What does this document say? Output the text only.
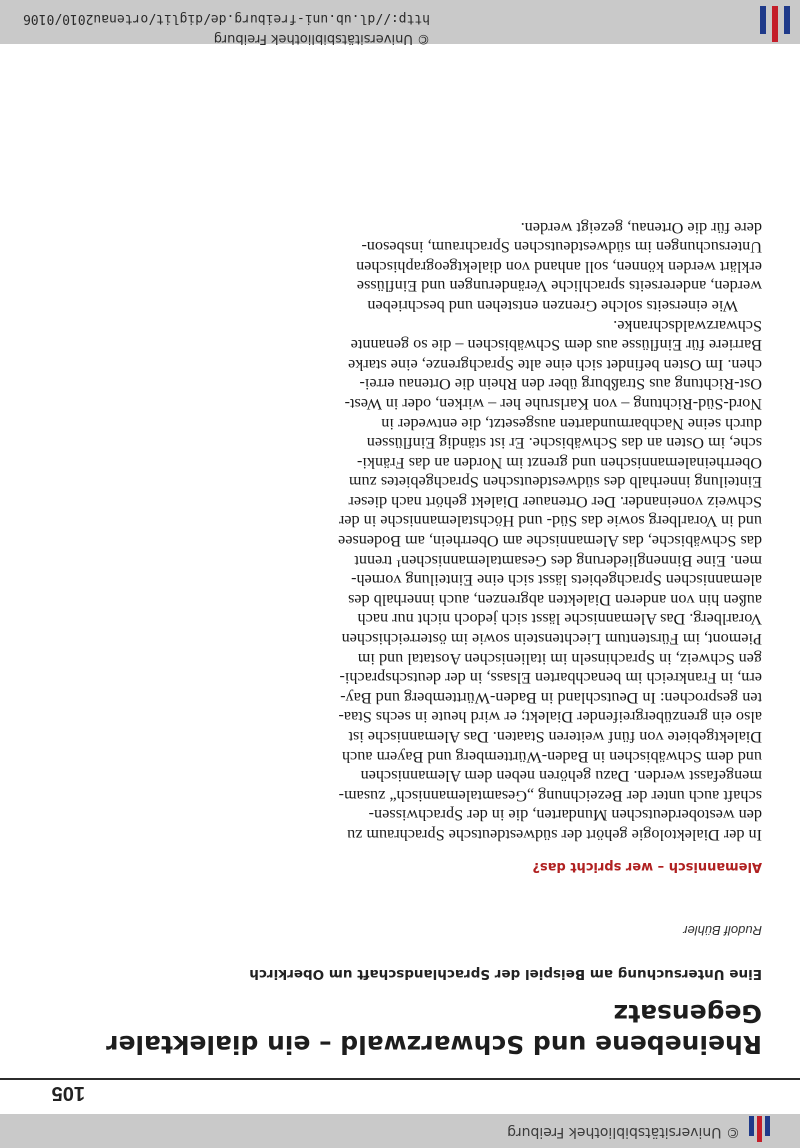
© Universitätsbibliothek Freiburg
105
Rheinebene und Schwarzwald – ein dialektaler Gegensatz
Eine Untersuchung am Beispiel der Sprachlandschaft um Oberkirch
Rudolf Bühler
Alemannisch – wer spricht das?
In der Dialektologie gehört der südwestdeutsche Sprachraum zu
den westoberdeutschen Mundarten, die in der Sprachwissen-
schaft auch unter der Bezeichnung „Gesamtalemannisch“ zusam-
mengefasst werden. Dazu gehören neben dem Alemannischen
und dem Schwäbischen in Baden-Württemberg und Bayern auch
Dialektgebiete von fünf weiteren Staaten. Das Alemannische ist
also ein grenzübergreifender Dialekt; er wird heute in sechs Staa-
ten gesprochen: In Deutschland in Baden-Württemberg und Bay-
ern, in Frankreich im benachbarten Elsass, in der deutschsprachi-
gen Schweiz, in Sprachinseln im italienischen Aostatal und im
Piemont, im Fürstentum Liechtenstein sowie im österreichischen
Vorarlberg. Das Alemannische lässt sich jedoch nicht nur nach
außen hin von anderen Dialekten abgrenzen, auch innerhalb des
alemannischen Sprachgebiets lässt sich eine Einteilung vorneh-
men. Eine Binnengliederung des Gesamtalemannischen¹ trennt
das Schwäbische, das Alemannische am Oberrhein, am Bodensee
und in Vorarlberg sowie das Süd- und Höchstalemannische in der
Schweiz voneinander. Der Ortenauer Dialekt gehört nach dieser
Einteilung innerhalb des südwestdeutschen Sprachgebietes zum
Oberrheinalemannischen und grenzt im Norden an das Fränki-
sche, im Osten an das Schwäbische. Er ist ständig Einflüssen
durch seine Nachbarmundarten ausgesetzt, die entweder in
Nord-Süd-Richtung – von Karlsruhe her – wirken, oder in West-
Ost-Richtung aus Straßburg über den Rhein die Ortenau errei-
chen. Im Osten befindet sich eine alte Sprachgrenze, eine starke
Barriere für Einflüsse aus dem Schwäbischen – die so genannte
Schwarzwaldschranke.
Wie einerseits solche Grenzen entstehen und beschrieben
werden, andererseits sprachliche Veränderungen und Einflüsse
erklärt werden können, soll anhand von dialektgeographischen
Untersuchungen im südwestdeutschen Sprachraum, insbeson-
dere für die Ortenau, gezeigt werden.
© Universitätsbibliothek Freiburg
http://dl.ub.uni-freiburg.de/diglit/ortenau2010/0106
